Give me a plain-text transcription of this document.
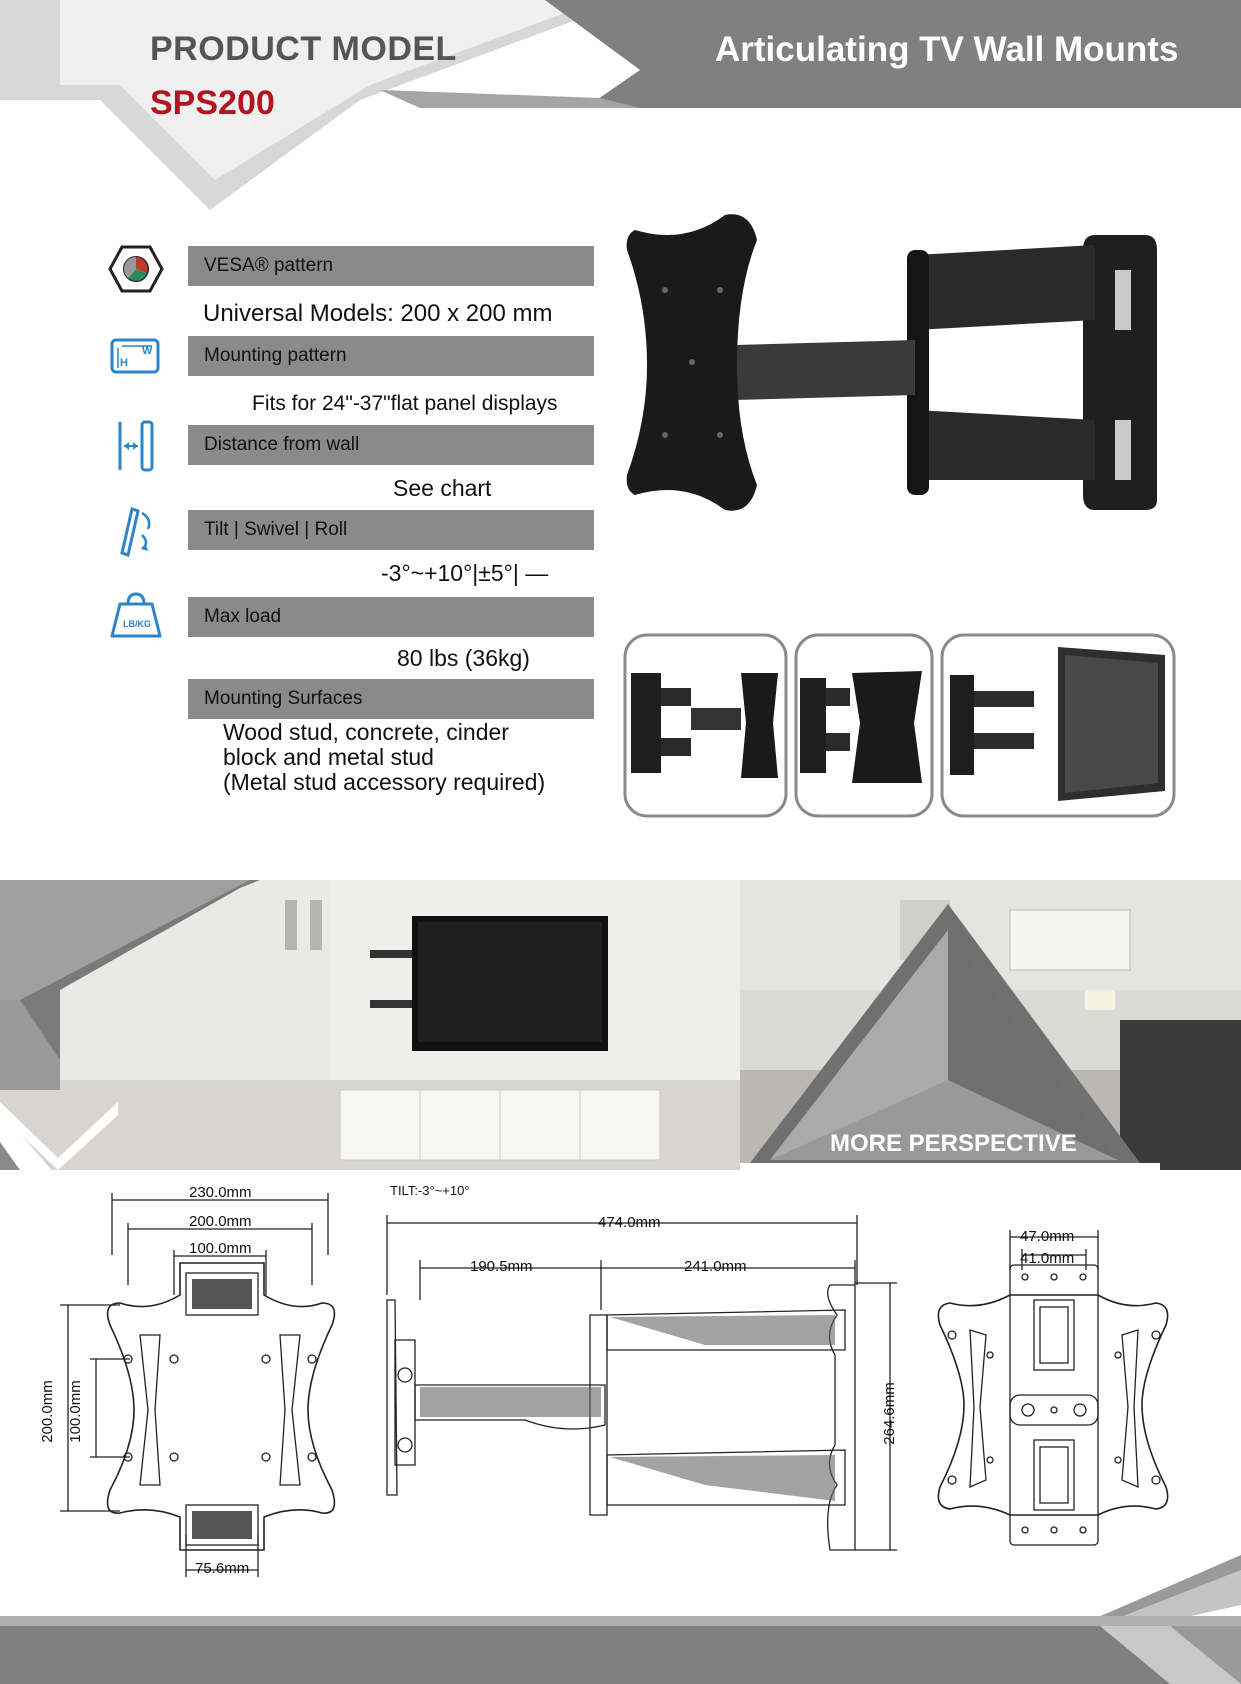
PRODUCT MODEL
SPS200
Articulating TV Wall Mounts
H
W
LB/KG
VESA® pattern
Universal Models: 200 x 200 mm
Mounting pattern
Fits for 24"-37"flat panel displays
Distance from wall
See chart
Tilt | Swivel | Roll
-3°~+10°|±5°| —
Max load
80 lbs (36kg)
Mounting Surfaces
Wood stud, concrete, cinder
block and metal stud
(Metal stud accessory required)
MORE PERSPECTIVE
230.0mm
200.0mm
100.0mm
200.0mm 100.0mm
75.6mm
TILT:-3°~+10°
474.0mm
190.5mm	241.0mm
264.6mm
47.0mm
41.0mm
